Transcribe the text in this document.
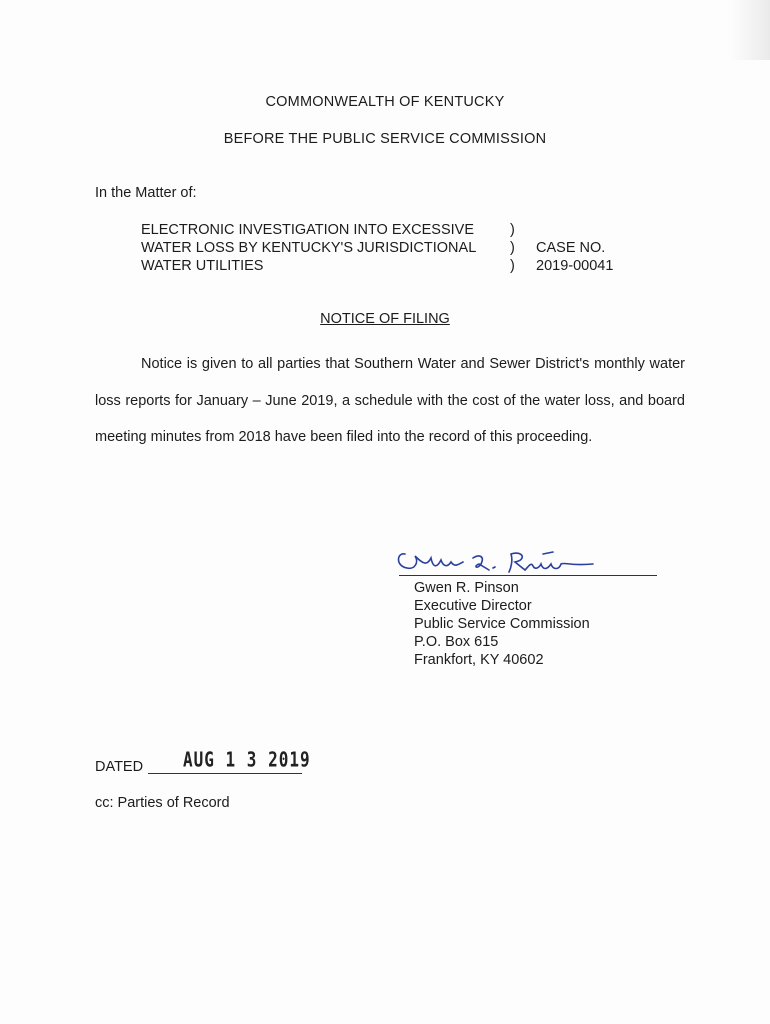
COMMONWEALTH OF KENTUCKY
BEFORE THE PUBLIC SERVICE COMMISSION
In the Matter of:
ELECTRONIC INVESTIGATION INTO EXCESSIVE
WATER LOSS BY KENTUCKY'S JURISDICTIONAL
WATER UTILITIES
)
)
)
CASE NO.
2019-00041
NOTICE OF FILING

Notice is given to all parties that Southern Water and Sewer District's monthly water loss reports for January – June 2019, a schedule with the cost of the water loss, and board meeting minutes from 2018 have been filed into the record of this proceeding.

Gwen R. Pinson
Executive Director
Public Service Commission
P.O. Box 615
Frankfort, KY 40602
DATED AUG 1 3 2019
cc: Parties of Record
